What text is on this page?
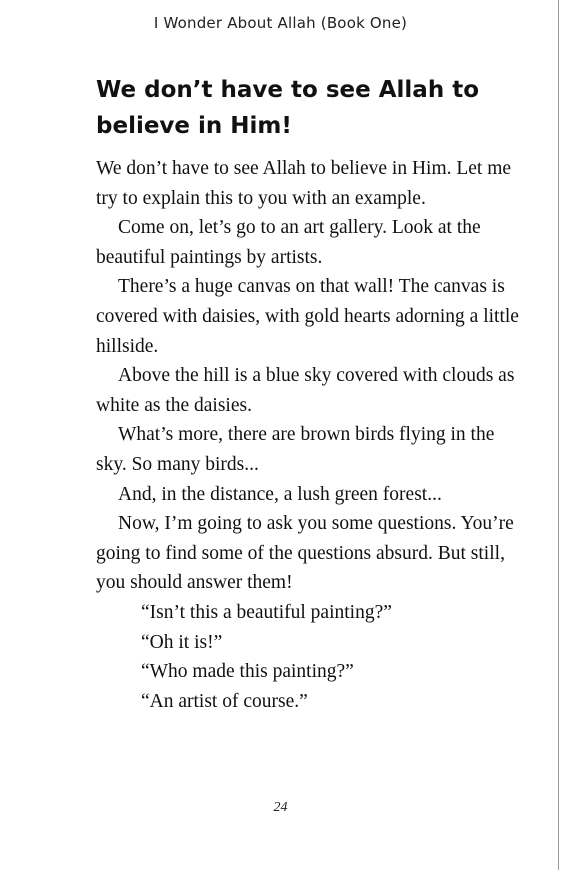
I Wonder About Allah (Book One)
We don’t have to see Allah to believe in Him!

We don’t have to see Allah to believe in Him. Let me try to explain this to you with an example.

Come on, let’s go to an art gallery. Look at the beautiful paintings by artists.

There’s a huge canvas on that wall! The canvas is covered with daisies, with gold hearts adorning a little hillside.

Above the hill is a blue sky covered with clouds as white as the daisies.

What’s more, there are brown birds flying in the sky. So many birds...

And, in the distance, a lush green forest...

Now, I’m going to ask you some questions. You’re going to find some of the questions absurd. But still, you should answer them!

“Isn’t this a beautiful painting?”

“Oh it is!”

“Who made this painting?”

“An artist of course.”

24
